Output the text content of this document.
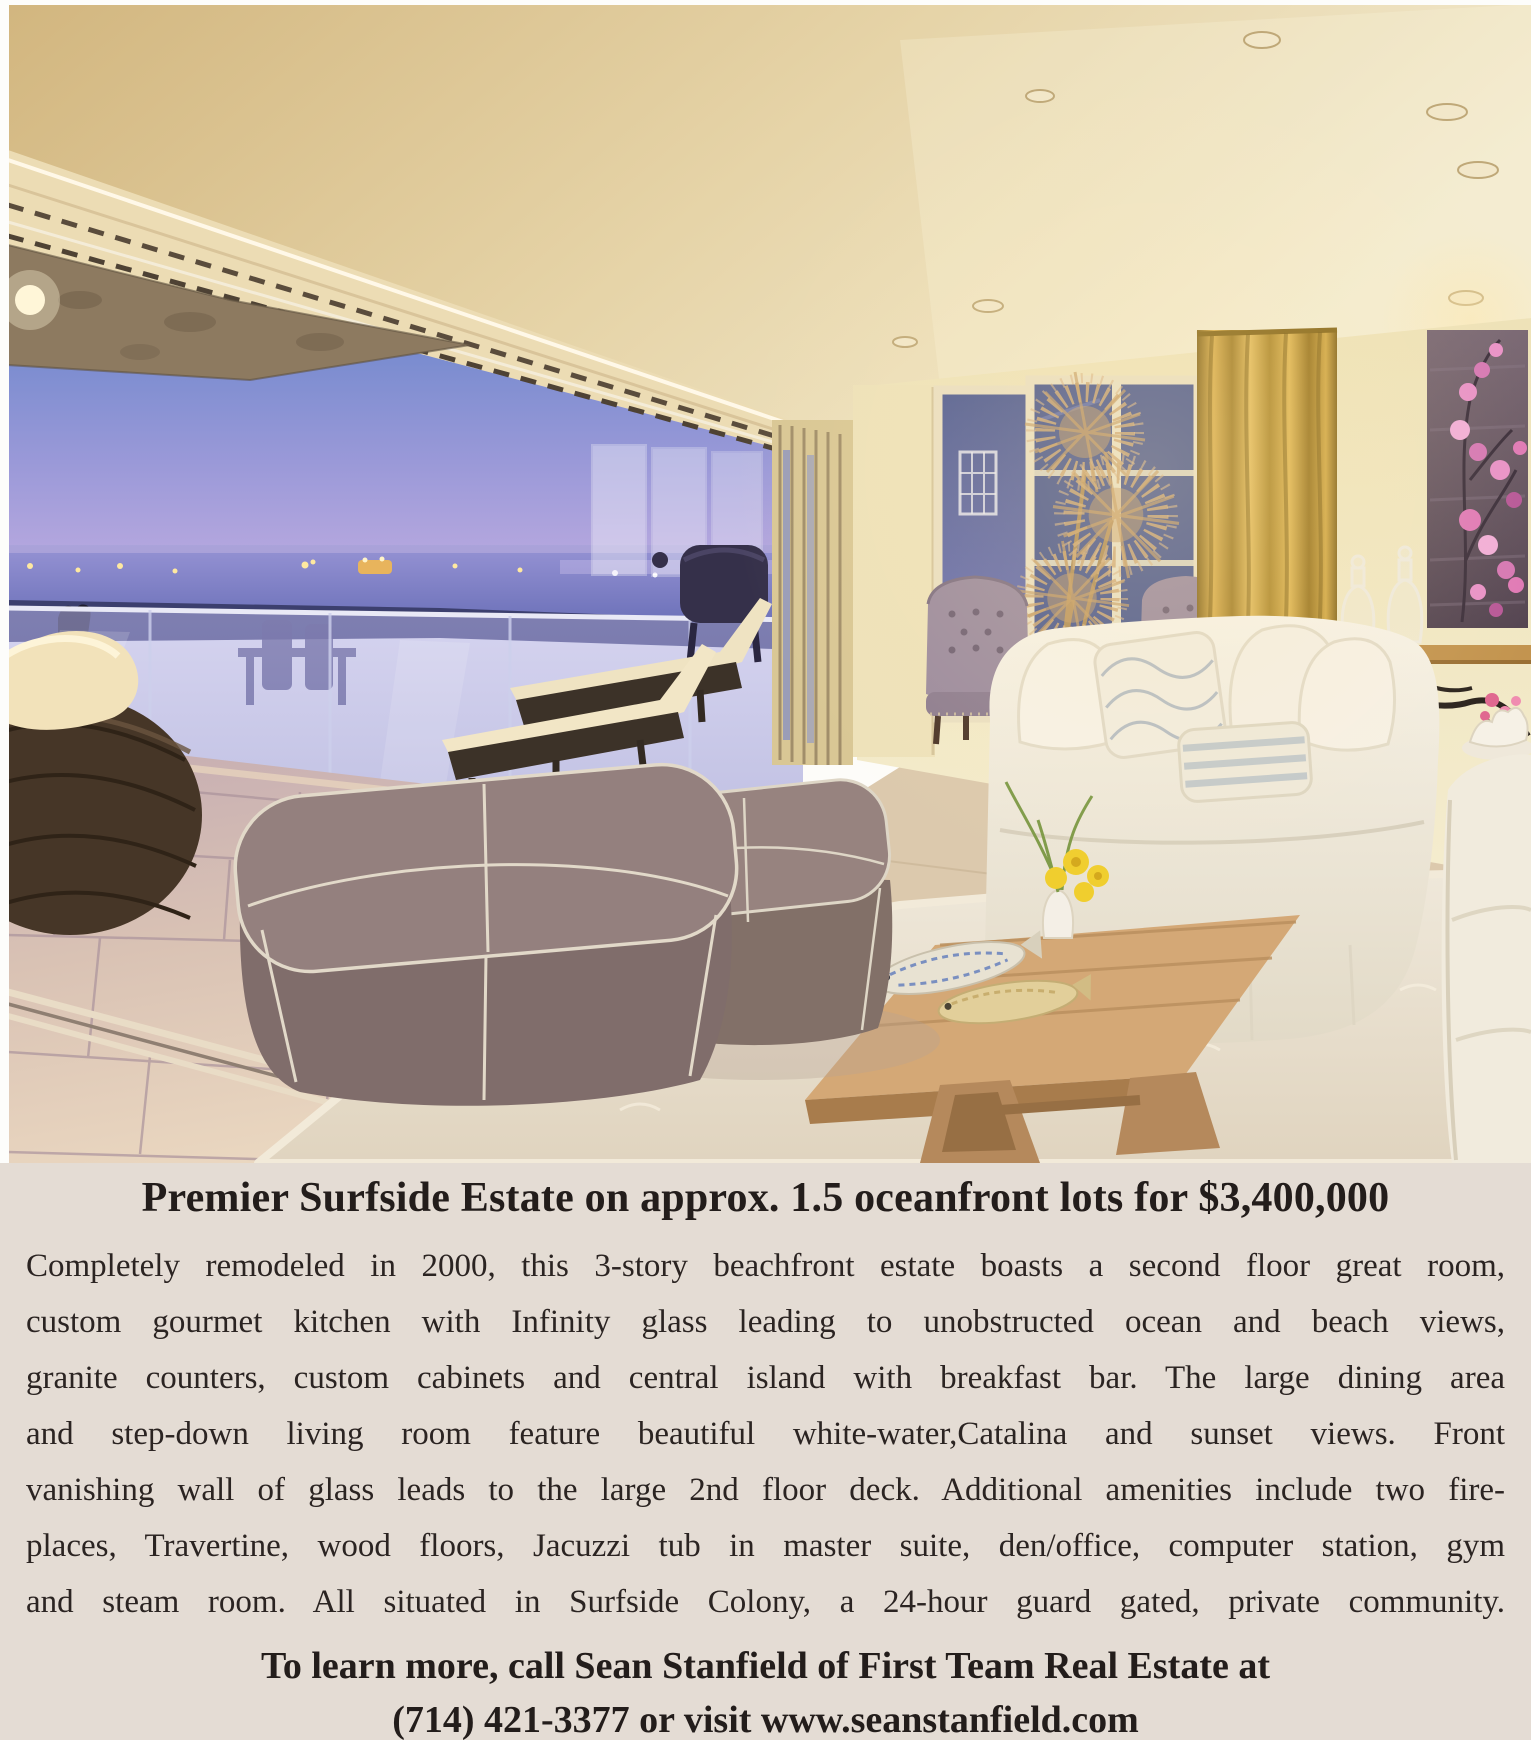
Premier Surfside Estate on approx. 1.5 oceanfront lots for $3,400,000

Completely remodeled in 2000, this 3-story beachfront estate boasts a second floor great room,
custom gourmet kitchen with Infinity glass leading to unobstructed ocean and beach views,
granite counters, custom cabinets and central island with breakfast bar. The large dining area
and step-down living room feature beautiful white-water,Catalina and sunset views. Front
vanishing wall of glass leads to the large 2nd floor deck. Additional amenities include two fire-
places, Travertine, wood floors, Jacuzzi tub in master suite, den/office, computer station, gym
and steam room. All situated in Surfside Colony, a 24-hour guard gated, private community.

To learn more, call Sean Stanfield of First Team Real Estate at

(714) 421-3377 or visit www.seanstanfield.com
